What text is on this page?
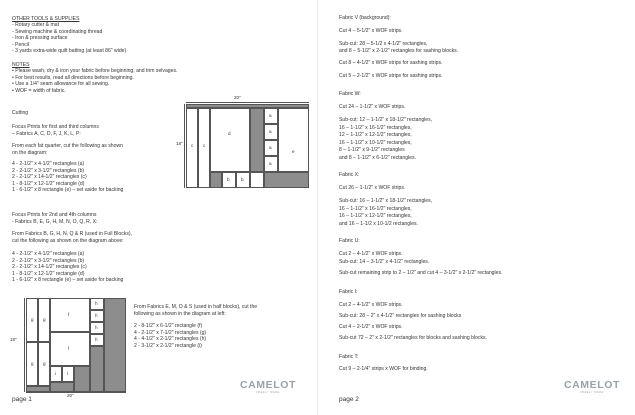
OTHER TOOLS & SUPPLIES
- Rotary cutter & mat
- Sewing machine & coordinating thread
- Iron & pressing surface
- Pencil
- 3 yards extra-wide quilt batting (at least 86" wide)
NOTES
• Please wash, dry & iron your fabric before beginning, and trim selvages.
• For best results, read all directions before beginning.
• Use a 1/4" seam allowance for all sewing.
• WOF = width of fabric.
Cutting
Focus Prints for first and third columns
– Fabrics A, C, D, F, J, K, L, P:
From each fat quarter, cut the following as shown
on the diagram:
4 - 2-1/2" x 4-1/2" rectangles (a)
2 - 2-1/2" x 3-1/2" rectangles (b)
2 - 2-1/2" x 14-1/2" rectangles (c)
1 - 8-1/2" x 12-1/2" rectangle (d)
1 - 6-1/2" x 8 rectangle (e) – set aside for backing
Focus Prints for 2nd and 4th columns
- Fabrics B, E, G, H, M, N, O, Q, R, X:
From Fabrics B, G, H, N, Q & R (used in Full Blocks),
cut the following as shown on the diagram above:
4 - 2-1/2" x 4-1/2" rectangles (a)
2 - 2-1/2" x 3-1/2" rectangles (b)
2 - 2-1/2" x 14-1/2" rectangles (c)
1 - 8-1/2" x 12-1/2" rectangle (d)
1 - 6-1/2" x 8 rectangle (e) – set aside for backing
From Fabrics E, M, O & S (used in half blocks), cut the
following as shown in the diagram at left:
2 - 8-1/2" x 6-1/2" rectangle (f)
4 - 2-1/2" x 7-1/2" rectangles (g)
4 - 4-1/2" x 2-1/2" rectangles (h)
2 - 3-1/2" x 2-1/2" rectangle (i)
20"
18" c c
d
b b
a
a
a
a
e
18"
20"
g g
g g
f
f
i i
h
h
h
h
CAMELOT
FREELY MADE
page 1
Fabric V (background):
Cut 4 – 5-1/2" x WOF strips.
Sub-cut: 28 – 5-1/2 x 4-1/2" rectangles,
and 8 – 5-1/2" x 2-1/2" rectangles for sashing blocks.
Cut 8 – 4-1/2" x WOF strips for sashing strips.
Cut 5 – 2-1/2" x WOF strips for sashing strips.
Fabric W:
Cut 24 – 1-1/2" x WOF strips.
Sub-cut: 12 – 1-1/2" x 18-1/2" rectangles,
16 – 1-1/2" x 16-1/2" rectangles,
12 – 1-1/2" x 12-1/2" rectangles,
16 – 1-1/2" x 10-1/2" rectangles,
8 – 1-1/2" x 9-1/2" rectangles
and 8 – 1-1/2" x 6-1/2" rectangles.
Fabric X:
Cut 26 – 1-1/2" x WOF strips.
Sub-cut: 16 – 1-1/2" x 18-1/2" rectangles,
16 – 1-1/2" x 16-1/2" rectangles,
16 – 1-1/2" x 12-1/2" rectangles,
and 16 – 1-1/2 x 10-1/2 rectangles.
Fabric U:
Cut 2 – 4-1/2" x WOF strips.
Sub-cut: 14 – 3-1/2" x 4-1/2" rectangles.
Sub-cut remaining strip to 2 – 1/2" and cut 4 – 3-1/2" x 2-1/2" rectangles.
Fabric I:
Cut 2 – 4-1/2" x WOF strips.
Sub-cut: 28 – 2" x 4-1/2" rectangles for sashing blocks
Cut 4 – 2-1/2" x WOF strips.
Sub-cut 72 – 2" x 2-1/2" rectangles for blocks and sashing blocks.
Fabric T:
Cut 9 – 2-1/4" strips x WOF for binding.
CAMELOT
FREELY MADE
page 2
